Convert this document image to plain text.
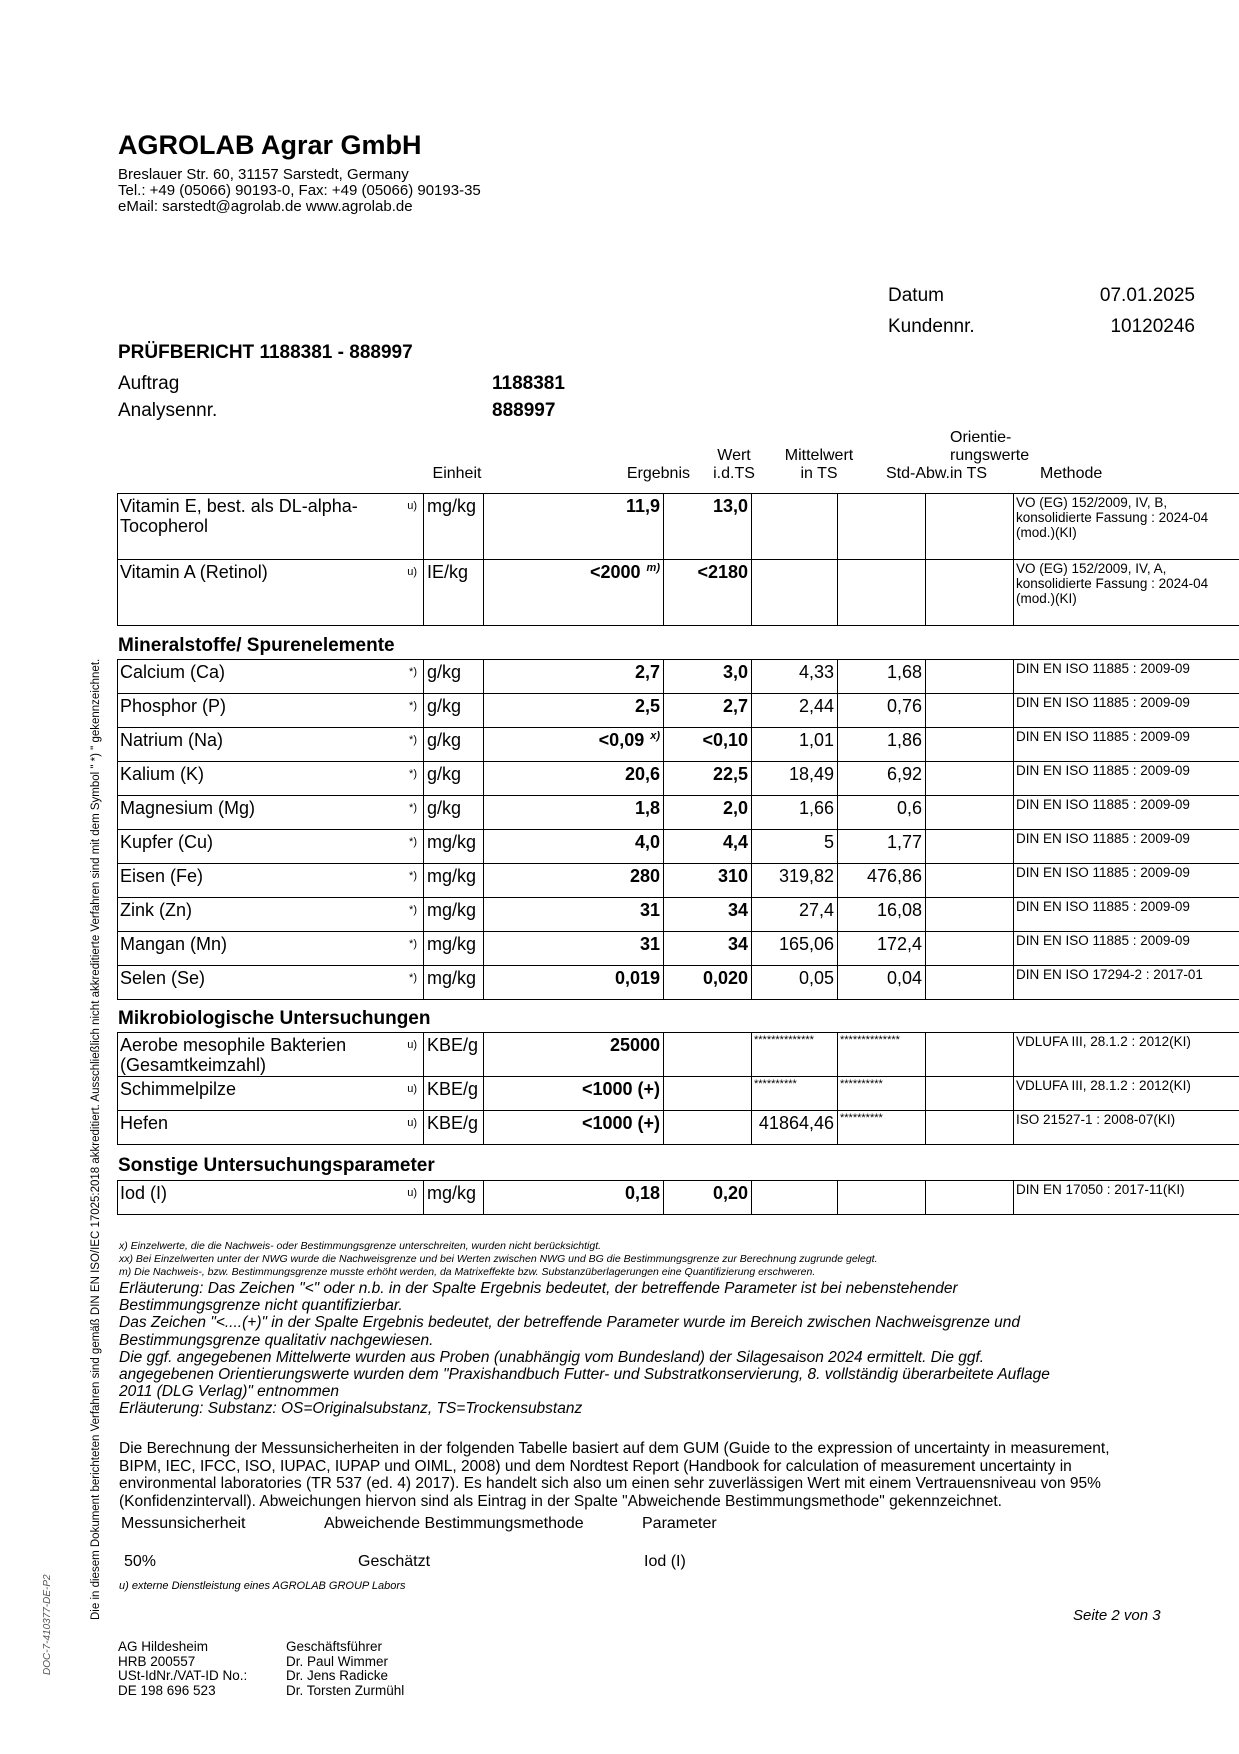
AGROLAB Agrar GmbH
Breslauer Str. 60, 31157 Sarstedt, Germany
Tel.: +49 (05066) 90193-0, Fax: +49 (05066) 90193-35
eMail: sarstedt@agrolab.de www.agrolab.de
Datum	07.01.2025
Kundennr.	10120246
PRÜFBERICHT 1188381 - 888997
Auftrag	1188381
Analysennr.	888997
Einheit	Ergebnis
Wert
i.d.TS
Mittelwert
in TS	Std-Abw.
Orientie-
rungswerte
in TS	Methode
Vitamin E, best. als DL-alpha-Tocopherol
u)	mg/kg	11,9	13,0				VO (EG) 152/2009, IV, B, konsolidierte Fassung : 2024-04 (mod.)(KI)

Vitamin A (Retinol) u)	IE/kg	<2000 $^{m)}$	<2180				VO (EG) 152/2009, IV, A, konsolidierte Fassung : 2024-04 (mod.)(KI)
Mineralstoffe/ Spurenelemente
Calcium (Ca) *)	g/kg	2,7	3,0	4,33	1,68		DIN EN ISO 11885 : 2009-09

Phosphor (P) *)	g/kg	2,5	2,7	2,44	0,76		DIN EN ISO 11885 : 2009-09

Natrium (Na) *)	g/kg	<0,09 $^{x)}$	<0,10	1,01	1,86		DIN EN ISO 11885 : 2009-09

Kalium (K) *)	g/kg	20,6	22,5	18,49	6,92		DIN EN ISO 11885 : 2009-09

Magnesium (Mg) *)	g/kg	1,8	2,0	1,66	0,6		DIN EN ISO 11885 : 2009-09

Kupfer (Cu) *)	mg/kg	4,0	4,4	5	1,77		DIN EN ISO 11885 : 2009-09

Eisen (Fe) *)	mg/kg	280	310	319,82	476,86		DIN EN ISO 11885 : 2009-09

Zink (Zn) *)	mg/kg	31	34	27,4	16,08		DIN EN ISO 11885 : 2009-09

Mangan (Mn) *)	mg/kg	31	34	165,06	172,4		DIN EN ISO 11885 : 2009-09

Selen (Se) *)	mg/kg	0,019	0,020	0,05	0,04		DIN EN ISO 17294-2 : 2017-01
Mikrobiologische Untersuchungen
Aerobe mesophile Bakterien (Gesamtkeimzahl)
u)	KBE/g	25000		**************	**************		VDLUFA III, 28.1.2 : 2012(KI)

Schimmelpilze u)	KBE/g	<1000 (+)		**********	**********		VDLUFA III, 28.1.2 : 2012(KI)

Hefen u)	KBE/g	<1000 (+)		41864,46	**********		ISO 21527-1 : 2008-07(KI)
Sonstige Untersuchungsparameter
Iod (I)	u)	mg/kg	0,18	0,20				DIN EN 17050 : 2017-11(KI)
x) Einzelwerte, die die Nachweis- oder Bestimmungsgrenze unterschreiten, wurden nicht berücksichtigt.
xx) Bei Einzelwerten unter der NWG wurde die Nachweisgrenze und bei Werten zwischen NWG und BG die Bestimmungsgrenze zur Berechnung zugrunde gelegt.
m) Die Nachweis-, bzw. Bestimmungsgrenze musste erhöht werden, da Matrixeffekte bzw. Substanzüberlagerungen eine Quantifizierung erschweren.
Erläuterung: Das Zeichen "<" oder n.b. in der Spalte Ergebnis bedeutet, der betreffende Parameter ist bei nebenstehender
Bestimmungsgrenze nicht quantifizierbar.
Das Zeichen "<....(+)" in der Spalte Ergebnis bedeutet, der betreffende Parameter wurde im Bereich zwischen Nachweisgrenze und
Bestimmungsgrenze qualitativ nachgewiesen.
Die ggf. angegebenen Mittelwerte wurden aus Proben (unabhängig vom Bundesland) der Silagesaison 2024 ermittelt. Die ggf.
angegebenen Orientierungswerte wurden dem "Praxishandbuch Futter- und Substratkonservierung, 8. vollständig überarbeitete Auflage
2011 (DLG Verlag)" entnommen
Erläuterung: Substanz: OS=Originalsubstanz, TS=Trockensubstanz
Die Berechnung der Messunsicherheiten in der folgenden Tabelle basiert auf dem GUM (Guide to the expression of uncertainty in measurement,
BIPM, IEC, IFCC, ISO, IUPAC, IUPAP und OIML, 2008) und dem Nordtest Report (Handbook for calculation of measurement uncertainty in
environmental laboratories (TR 537 (ed. 4) 2017). Es handelt sich also um einen sehr zuverlässigen Wert mit einem Vertrauensniveau von 95%
(Konfidenzintervall). Abweichungen hiervon sind als Eintrag in der Spalte "Abweichende Bestimmungsmethode" gekennzeichnet.
Messunsicherheit	Abweichende Bestimmungsmethode	Parameter
50%	Geschätzt	Iod (I)
u) externe Dienstleistung eines AGROLAB GROUP Labors
Seite 2 von 3
AG Hildesheim
HRB 200557
USt-IdNr./VAT-ID No.:
DE 198 696 523
Geschäftsführer
Dr. Paul Wimmer
Dr. Jens Radicke
Dr. Torsten Zurmühl
Die in diesem Dokument berichteten Verfahren sind gemäß DIN EN ISO/IEC 17025:2018 akkreditiert. Ausschließlich nicht akkreditierte Verfahren sind mit dem Symbol " *) " gekennzeichnet.
DOC-7-410377-DE-P2
